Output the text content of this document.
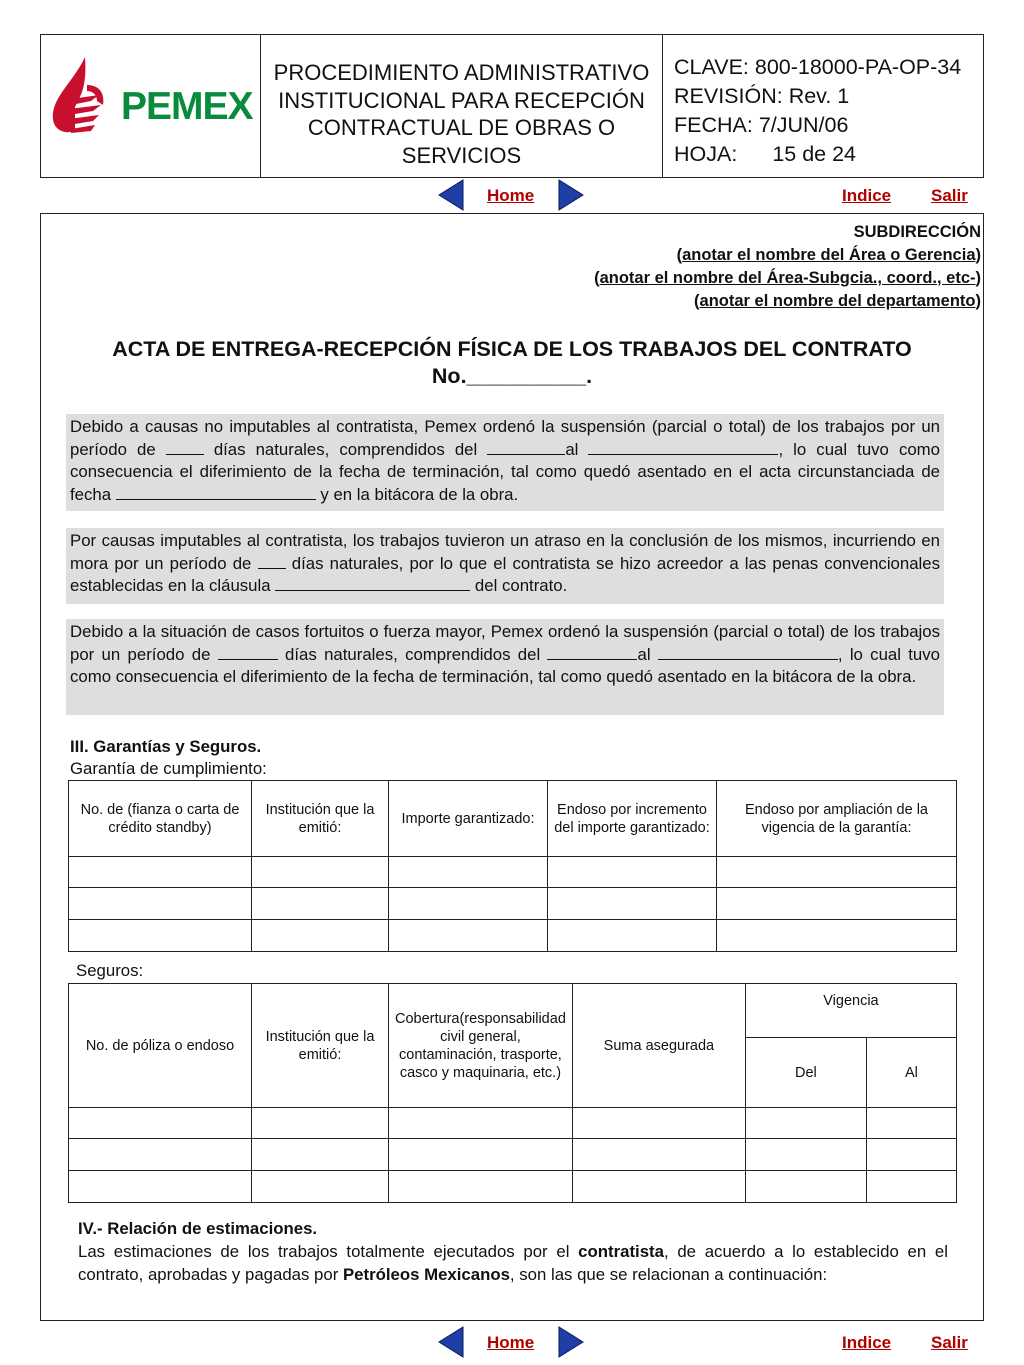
PEMEX
PROCEDIMIENTO ADMINISTRATIVO
INSTITUCIONAL PARA RECEPCIÓN
CONTRACTUAL DE OBRAS O
SERVICIOS
CLAVE: 800-18000-PA-OP-34
REVISIÓN: Rev. 1
FECHA: 7/JUN/06
HOJA: 15 de 24
Home	Indice Salir
SUBDIRECCIÓN
(anotar el nombre del Área o Gerencia)
(anotar el nombre del Área-Subgcia., coord., etc-)
(anotar el nombre del departamento)
ACTA DE ENTREGA-RECEPCIÓN FÍSICA DE LOS TRABAJOS DEL CONTRATO
No.__________.
Debido a causas no imputables al contratista, Pemex ordenó la suspensión (parcial o total) de los trabajos por un período de	días naturales, comprendidos del	al	, lo cual tuvo como consecuencia el diferimiento de la fecha de terminación, tal como quedó asentado en el acta circunstanciada de fecha	y en la bitácora de la obra.
Por causas imputables al contratista, los trabajos tuvieron un atraso en la conclusión de los mismos, incurriendo en mora por un período de días naturales, por lo que el contratista se hizo acreedor a las penas convencionales establecidas en la cláusula	del contrato.
Debido a la situación de casos fortuitos o fuerza mayor, Pemex ordenó la suspensión (parcial o total) de los trabajos por un período de	días naturales, comprendidos del	al	, lo cual tuvo como consecuencia el diferimiento de la fecha de terminación, tal como quedó asentado en la bitácora de la obra.
III. Garantías y Seguros.
Garantía de cumplimiento:
No. de (fianza o carta de crédito standby)	Institución que la emitió:	Importe garantizado:	Endoso por incremento del importe garantizado:	Endoso por ampliación de la vigencia de la garantía:

Seguros:
No. de póliza o endoso	Institución que la emitió:	Cobertura(responsabilidad civil general, contaminación, trasporte, casco y maquinaria, etc.)	Suma asegurada	Vigencia	
				Del	Al

IV.- Relación de estimaciones.
Las estimaciones de los trabajos totalmente ejecutados por el contratista, de acuerdo a lo establecido en el contrato, aprobadas y pagadas por Petróleos Mexicanos, son las que se relacionan a continuación:
Home	Indice Salir
